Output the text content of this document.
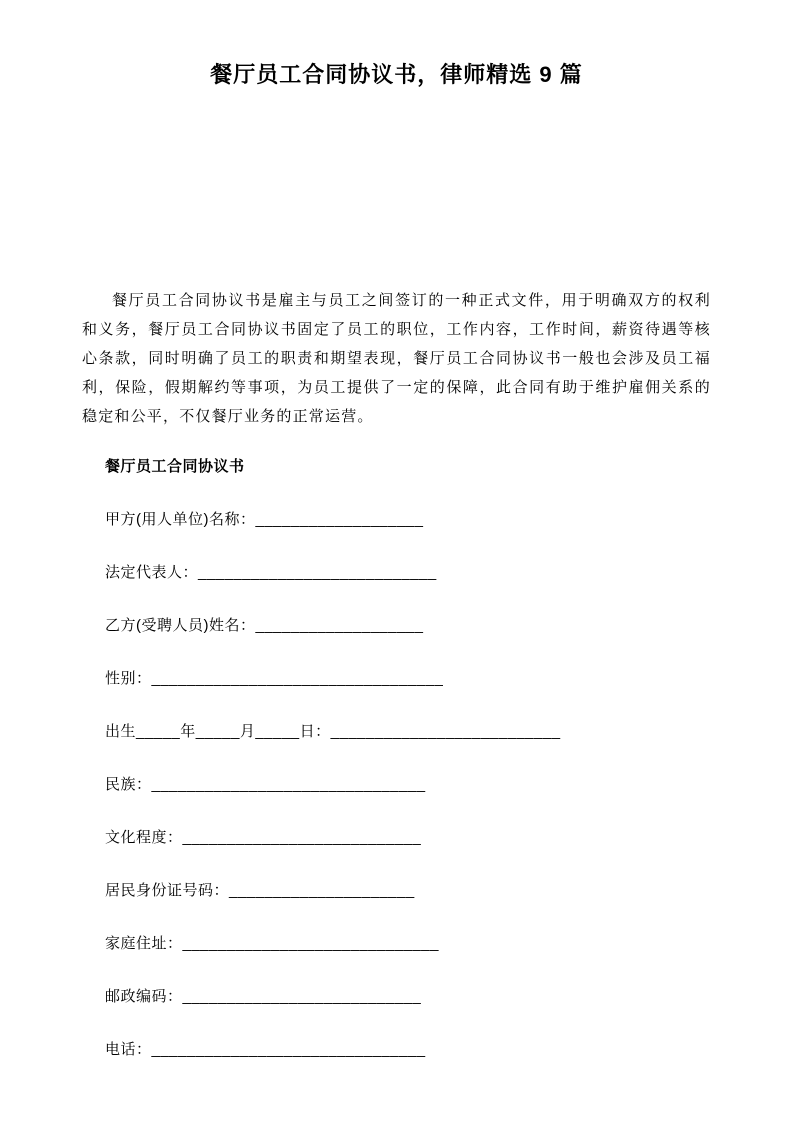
餐厅员工合同协议书，律师精选 9 篇

餐厅员工合同协议书是雇主与员工之间签订的一种正式文件，用于明确双方的权利和义务，餐厅员工合同协议书固定了员工的职位，工作内容，工作时间，薪资待遇等核心条款，同时明确了员工的职责和期望表现，餐厅员工合同协议书一般也会涉及员工福利，保险，假期解约等事项，为员工提供了一定的保障，此合同有助于维护雇佣关系的稳定和公平，不仅餐厅业务的正常运营。

餐厅员工合同协议书
甲方(用人单位)名称：___________________
法定代表人：___________________________
乙方(受聘人员)姓名：___________________
性别：_________________________________
出生_____年_____月_____日：__________________________
民族：_______________________________
文化程度：___________________________
居民身份证号码：_____________________
家庭住址：_____________________________
邮政编码：___________________________
电话：_______________________________
